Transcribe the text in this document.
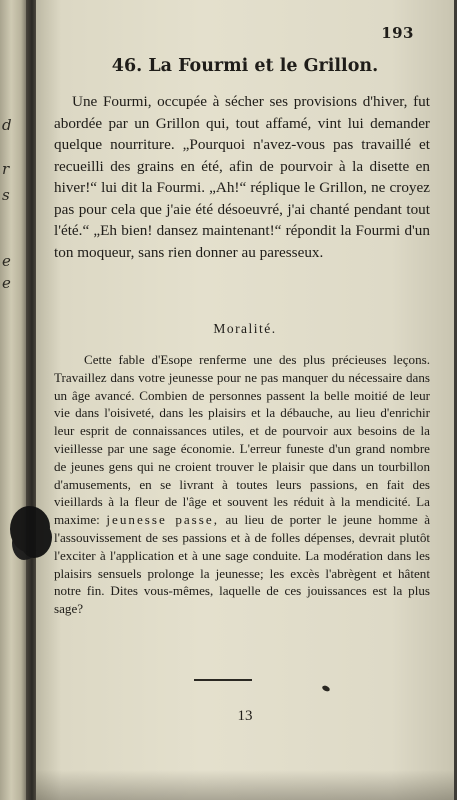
d
r
s
e
e
193
46. La Fourmi et le Grillon.
Une Fourmi, occupée à sécher ses provisions d'hiver, fut abordée par un Grillon qui, tout affamé, vint lui demander quelque nourriture. „Pourquoi n'avez-vous pas travaillé et recueilli des grains en été, afin de pourvoir à la disette en hiver!“ lui dit la Fourmi. „Ah!“ réplique le Grillon, ne croyez pas pour cela que j'aie été désoeuvré, j'ai chanté pendant tout l'été.“ „Eh bien! dansez maintenant!“ répondit la Fourmi d'un ton moqueur, sans rien donner au paresseux.
Moralité.
Cette fable d'Esope renferme une des plus précieuses leçons. Travaillez dans votre jeunesse pour ne pas manquer du nécessaire dans un âge avancé. Combien de personnes passent la belle moitié de leur vie dans l'oisiveté, dans les plaisirs et la débauche, au lieu d'enrichir leur esprit de connaissances utiles, et de pourvoir aux besoins de la vieillesse par une sage économie. L'erreur funeste d'un grand nombre de jeunes gens qui ne croient trouver le plaisir que dans un tourbillon d'amusements, en se livrant à toutes leurs passions, en fait des vieillards à la fleur de l'âge et souvent les réduit à la mendicité. La maxime: jeunesse passe, au lieu de porter le jeune homme à l'assouvissement de ses passions et à de folles dépenses, devrait plutôt l'exciter à l'application et à une sage conduite. La modération dans les plaisirs sensuels prolonge la jeunesse; les excès l'abrègent et hâtent notre fin. Dites vous-mêmes, laquelle de ces jouissances est la plus sage?
13
